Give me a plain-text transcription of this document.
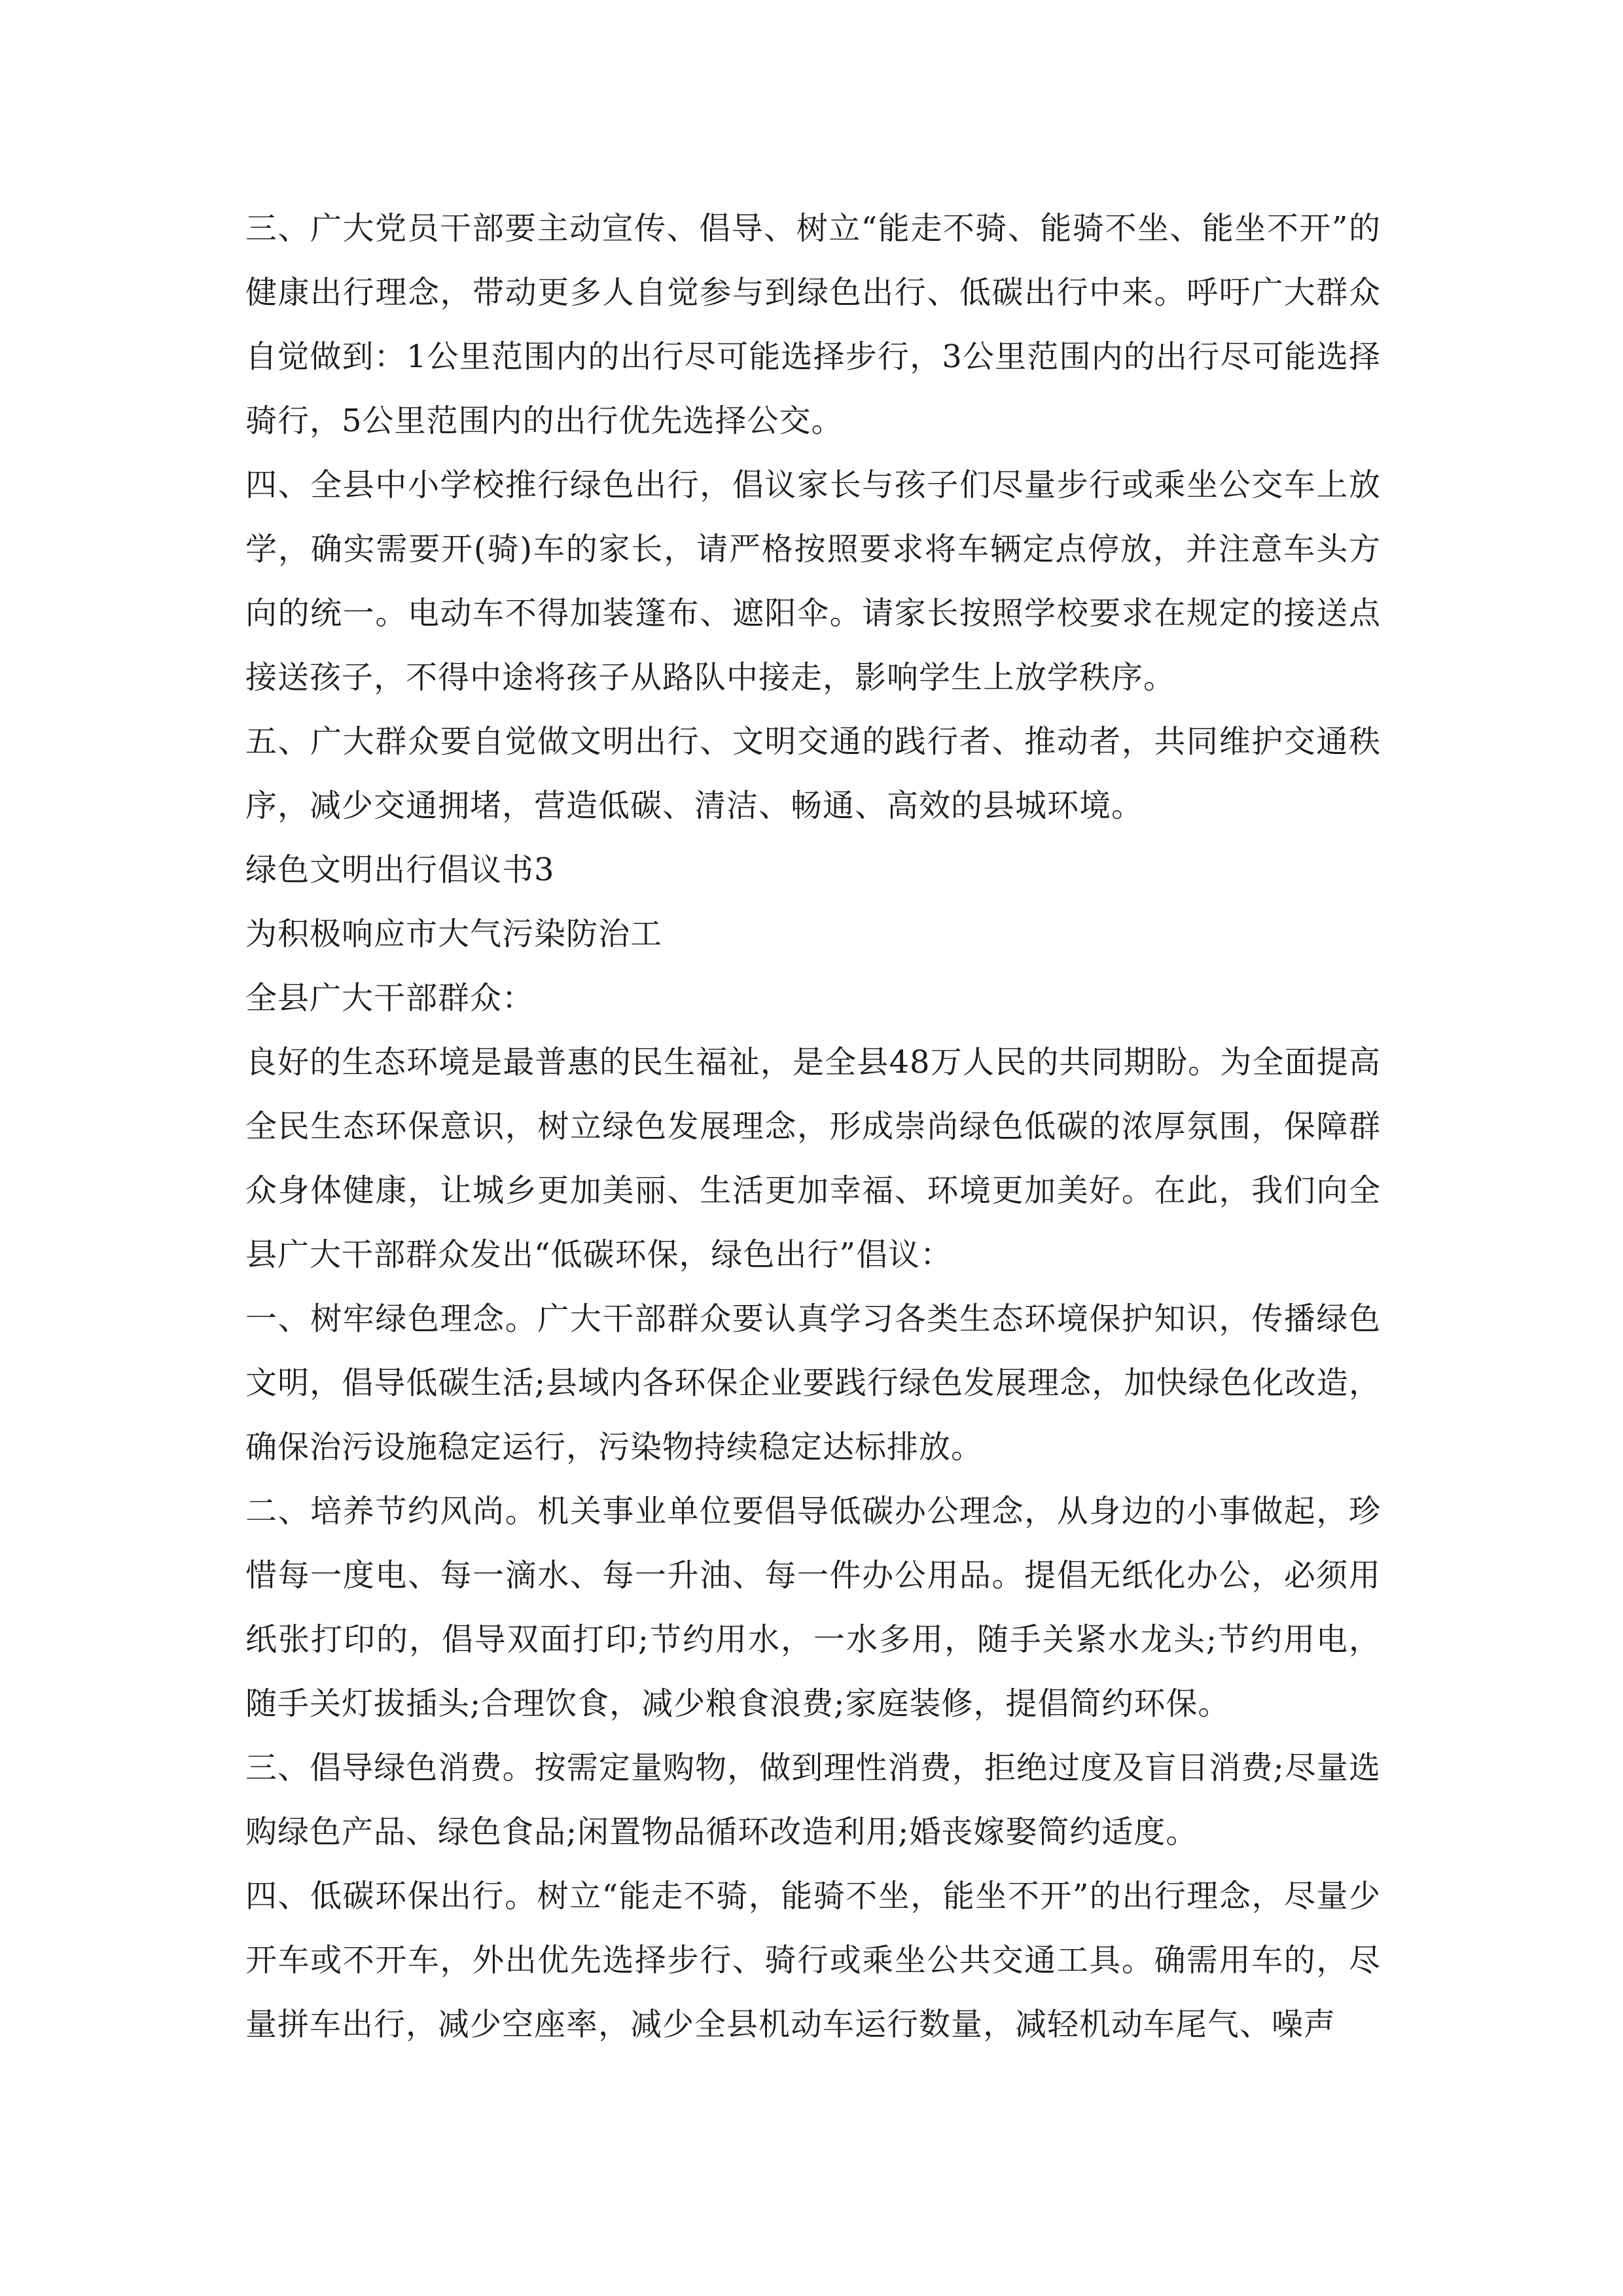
三、广大党员干部要主动宣传、倡导、树立“能走不骑、能骑不坐、能坐不开”的健康出行理念，带动更多人自觉参与到绿色出行、低碳出行中来。呼吁广大群众自觉做到：1公里范围内的出行尽可能选择步行，3公里范围内的出行尽可能选择骑行，5公里范围内的出行优先选择公交。

四、全县中小学校推行绿色出行，倡议家长与孩子们尽量步行或乘坐公交车上放学，确实需要开(骑)车的家长，请严格按照要求将车辆定点停放，并注意车头方向的统一。电动车不得加装篷布、遮阳伞。请家长按照学校要求在规定的接送点接送孩子，不得中途将孩子从路队中接走，影响学生上放学秩序。

五、广大群众要自觉做文明出行、文明交通的践行者、推动者，共同维护交通秩序，减少交通拥堵，营造低碳、清洁、畅通、高效的县城环境。

绿色文明出行倡议书3

为积极响应市大气污染防治工

全县广大干部群众：

良好的生态环境是最普惠的民生福祉，是全县48万人民的共同期盼。为全面提高全民生态环保意识，树立绿色发展理念，形成崇尚绿色低碳的浓厚氛围，保障群众身体健康，让城乡更加美丽、生活更加幸福、环境更加美好。在此，我们向全县广大干部群众发出“低碳环保，绿色出行”倡议：

一、树牢绿色理念。广大干部群众要认真学习各类生态环境保护知识，传播绿色文明，倡导低碳生活;县域内各环保企业要践行绿色发展理念，加快绿色化改造，确保治污设施稳定运行，污染物持续稳定达标排放。

二、培养节约风尚。机关事业单位要倡导低碳办公理念，从身边的小事做起，珍惜每一度电、每一滴水、每一升油、每一件办公用品。提倡无纸化办公，必须用纸张打印的，倡导双面打印;节约用水，一水多用，随手关紧水龙头;节约用电，随手关灯拔插头;合理饮食，减少粮食浪费;家庭装修，提倡简约环保。

三、倡导绿色消费。按需定量购物，做到理性消费，拒绝过度及盲目消费;尽量选购绿色产品、绿色食品;闲置物品循环改造利用;婚丧嫁娶简约适度。

四、低碳环保出行。树立“能走不骑，能骑不坐，能坐不开”的出行理念，尽量少开车或不开车，外出优先选择步行、骑行或乘坐公共交通工具。确需用车的，尽量拼车出行，减少空座率，减少全县机动车运行数量，减轻机动车尾气、噪声
